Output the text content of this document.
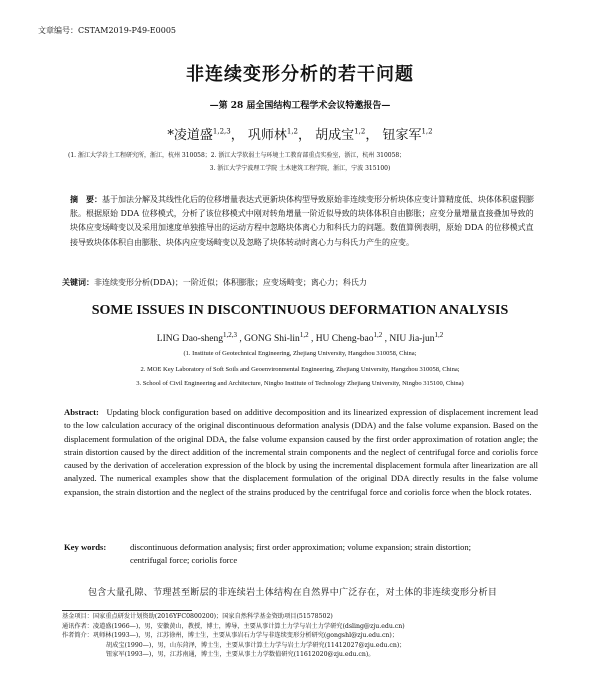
文章编号：CSTAM2019-P49-E0005
非连续变形分析的若干问题
—第 28 届全国结构工程学术会议特邀报告—
*凌道盛$^{1,2,3}$， 巩师林$^{1,2}$， 胡成宝$^{1,2}$， 钮家军$^{1,2}$
(1. 浙江大学岩土工程研究所，浙江，杭州 310058；2. 浙江大学软弱土与环境土工教育部重点实验室，浙江，杭州 310058；
3. 浙江大学宁波理工学院 土木建筑工程学院，浙江，宁波 315100)
摘　要：基于加法分解及其线性化后的位移增量表达式更新块体构型导致原始非连续变形分析块体应变计算精度低、块体体积虚假膨胀。根据原始 DDA 位移模式，分析了该位移模式中刚对转角增量一阶近似导致的块体体积自由膨胀；应变分量增量直接叠加导致的块体应变场畸变以及采用加速度单独推导出的运动方程中忽略块体离心力和科氏力的问题。数值算例表明，原始 DDA 的位移模式直接导致块体体积自由膨胀、块体内应变场畸变以及忽略了块体转动时离心力与科氏力产生的应变。
关键词：非连续变形分析(DDA)；一阶近似；体积膨胀；应变场畸变；离心力；科氏力
SOME ISSUES IN DISCONTINUOUS DEFORMATION ANALYSIS
LING Dao-sheng$^{1,2,3}$ , GONG Shi-lin$^{1,2}$ , HU Cheng-bao$^{1,2}$ , NIU Jia-jun$^{1,2}$
(1. Institute of Geotechnical Engineering, Zhejiang University, Hangzhou 310058, China;
2. MOE Key Laboratory of Soft Soils and Geoenvironmental Engineering, Zhejiang University, Hangzhou 310058, China;
3. School of Civil Engineering and Architecture, Ningbo Institute of Technology Zhejiang University, Ningbo 315100, China)
Abstract: Updating block configuration based on additive decomposition and its linearized expression of displacement increment lead to the low calculation accuracy of the original discontinuous deformation analysis (DDA) and the false volume expansion. Based on the displacement formulation of the original DDA, the false volume expansion caused by the first order approximation of rotation angle; the strain distortion caused by the direct addition of the incremental strain components and the neglect of centrifugal force and coriolis force caused by the derivation of acceleration expression of the block by using the incremental displacement formula after linearization are all analyzed. The numerical examples show that the displacement formulation of the original DDA directly results in the false volume expansion, the strain distortion and the neglect of the strains produced by the centrifugal force and coriolis force when the block rotates.
Key words:	discontinuous deformation analysis; first order approximation; volume expansion; strain distortion;
centrifugal force; coriolis force
包含大量孔隙、节理甚至断层的非连续岩土体结构在自然界中广泛存在，对土体的非连续变形分析目
基金项目：国家重点研发计划资助(2016YFC0800200)；国家自然科学基金资助项目(51578502)
通讯作者：凌道盛(1966—)，男，安徽黄山，教授，博士，博导，主要从事计算土力学与岩土力学研究(dsling@zju.edu.cn)
作者简介：巩师林(1993—)，男，江苏徐州，博士生，主要从事岩石力学与非连续变形分析研究(gongshl@zju.edu.cn)；
胡成宝(1990—)，男，山东菏泽，博士生，主要从事计算土力学与岩土力学研究(11412027@zju.edu.cn)；
钮家军(1993—)，男，江苏南通，博士生，主要从事土力学数值研究(11612020@zju.edu.cn)。
